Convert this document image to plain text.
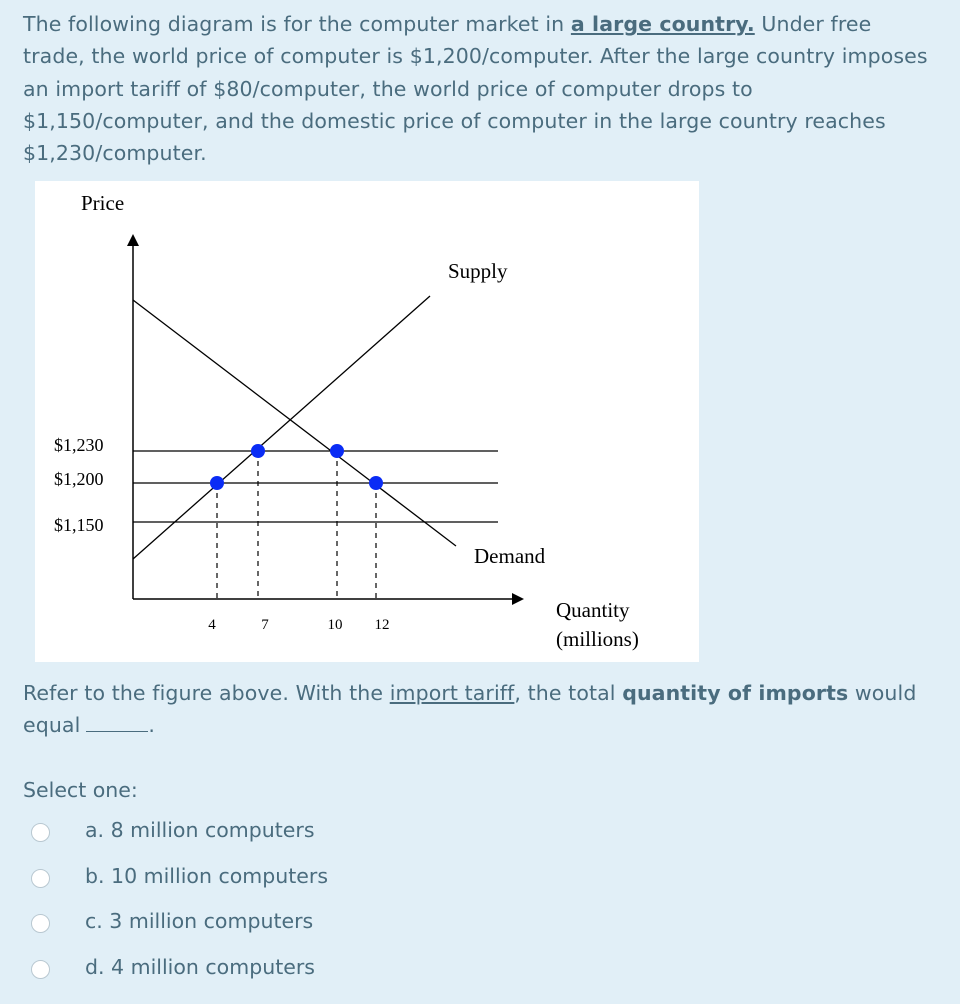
The following diagram is for the computer market in a large country. Under free trade, the world price of computer is $1,200/computer. After the large country imposes an import tariff of $80/computer, the world price of computer drops to $1,150/computer, and the domestic price of computer in the large country reaches $1,230/computer.
Price
Supply
Demand
Quantity
(millions)
$1,230
$1,200
$1,150
4	7	10 12
Refer to the figure above. With the import tariff, the total quantity of imports would equal	.
Select one:
a. 8 million computers
b. 10 million computers
c. 3 million computers
d. 4 million computers
